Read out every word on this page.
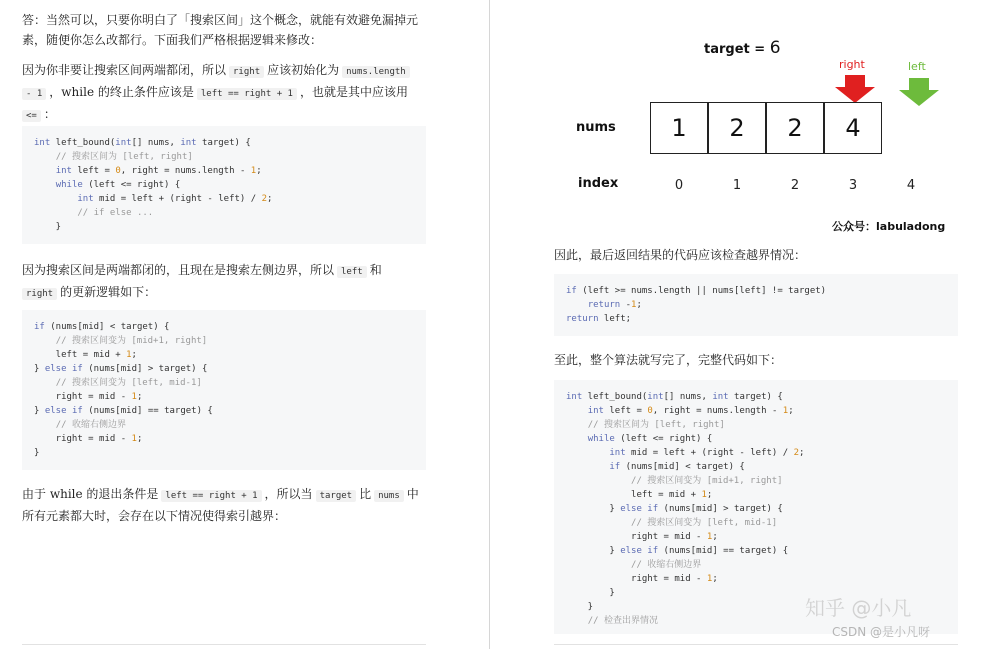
答：当然可以，只要你明白了「搜索区间」这个概念，就能有效避免漏掉元
素，随便你怎么改都行。下面我们严格根据逻辑来修改：

因为你非要让搜索区间两端都闭，所以 right 应该初始化为 nums.length
- 1 ，while 的终止条件应该是 left == right + 1 ，也就是其中应该用
<= ：

int left_bound(int[] nums, int target) {
// 搜索区间为 [left, right]
int left = 0, right = nums.length - 1;
while (left <= right) {
int mid = left + (right - left) / 2;
// if else ...
}

因为搜索区间是两端都闭的，且现在是搜索左侧边界，所以 left 和
right 的更新逻辑如下：

if (nums[mid] < target) {
// 搜索区间变为 [mid+1, right]
left = mid + 1;
} else if (nums[mid] > target) {
// 搜索区间变为 [left, mid-1]
right = mid - 1;
} else if (nums[mid] == target) {
// 收缩右侧边界
right = mid - 1;
}

由于 while 的退出条件是 left == right + 1 ，所以当 target 比 nums 中
所有元素都大时，会存在以下情况使得索引越界：

target = 6
right	left
nums
index
1	2	2	4
0	1	2	3	4
公众号：labuladong

因此，最后返回结果的代码应该检查越界情况：

if (left >= nums.length || nums[left] != target)
return -1;
return left;

至此，整个算法就写完了，完整代码如下：

int left_bound(int[] nums, int target) {
int left = 0, right = nums.length - 1;
// 搜索区间为 [left, right]
while (left <= right) {
int mid = left + (right - left) / 2;
if (nums[mid] < target) {
// 搜索区间变为 [mid+1, right]
left = mid + 1;
} else if (nums[mid] > target) {
// 搜索区间变为 [left, mid-1]
right = mid - 1;
} else if (nums[mid] == target) {
// 收缩右侧边界
right = mid - 1;
}
}
// 检查出界情况
知乎 @小凡
CSDN @是小凡呀
